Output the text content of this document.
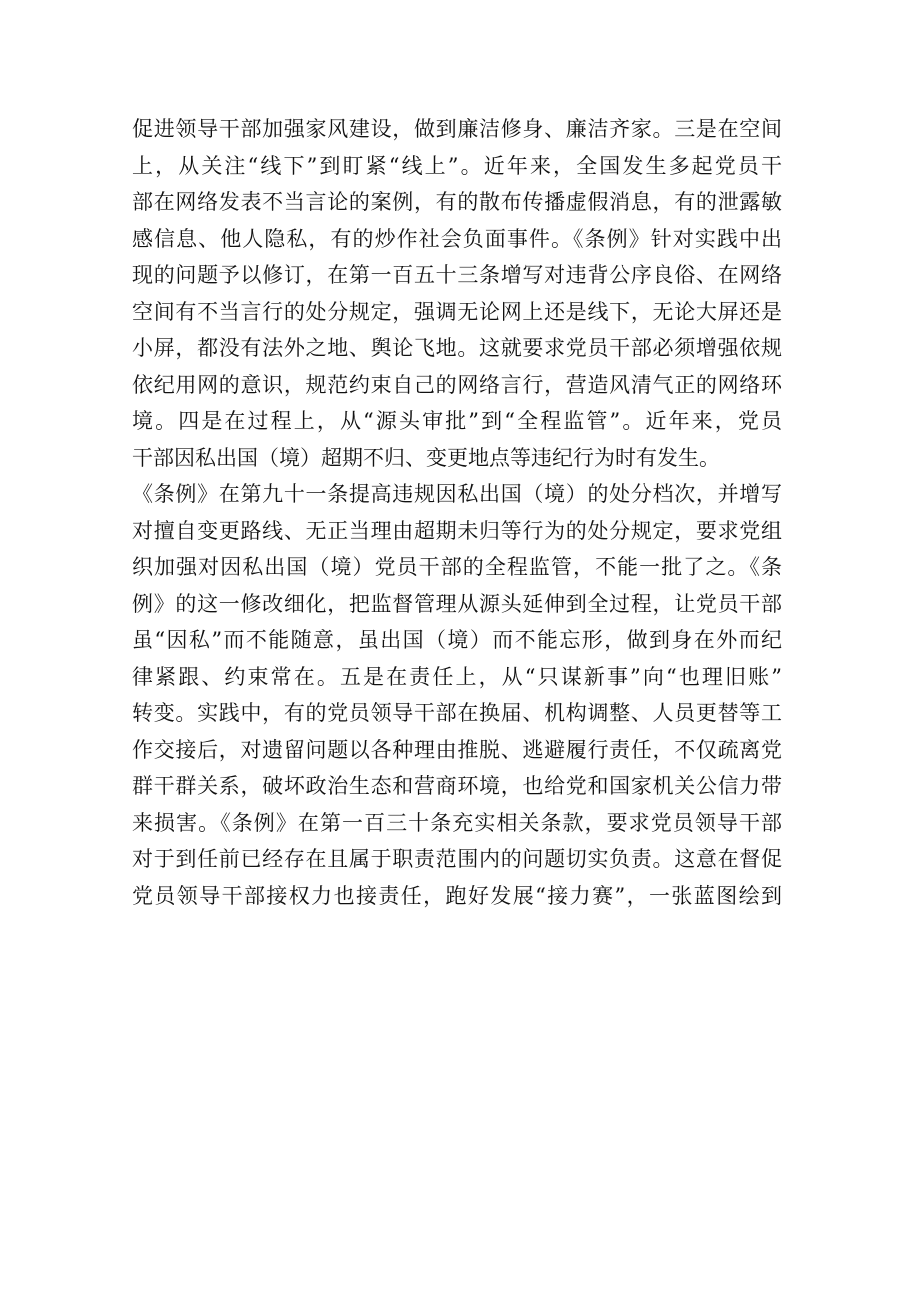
促进领导干部加强家风建设，做到廉洁修身、廉洁齐家。三是在空间
上，从关注“线下”到盯紧“线上”。近年来，全国发生多起党员干
部在网络发表不当言论的案例，有的散布传播虚假消息，有的泄露敏
感信息、他人隐私，有的炒作社会负面事件。《条例》针对实践中出
现的问题予以修订，在第一百五十三条增写对违背公序良俗、在网络
空间有不当言行的处分规定，强调无论网上还是线下，无论大屏还是
小屏，都没有法外之地、舆论飞地。这就要求党员干部必须增强依规
依纪用网的意识，规范约束自己的网络言行，营造风清气正的网络环
境。四是在过程上，从“源头审批”到“全程监管”。近年来，党员
干部因私出国（境）超期不归、变更地点等违纪行为时有发生。
《条例》在第九十一条提高违规因私出国（境）的处分档次，并增写
对擅自变更路线、无正当理由超期未归等行为的处分规定，要求党组
织加强对因私出国（境）党员干部的全程监管，不能一批了之。《条
例》的这一修改细化，把监督管理从源头延伸到全过程，让党员干部
虽“因私”而不能随意，虽出国（境）而不能忘形，做到身在外而纪
律紧跟、约束常在。五是在责任上，从“只谋新事”向“也理旧账”
转变。实践中，有的党员领导干部在换届、机构调整、人员更替等工
作交接后，对遗留问题以各种理由推脱、逃避履行责任，不仅疏离党
群干群关系，破坏政治生态和营商环境，也给党和国家机关公信力带
来损害。《条例》在第一百三十条充实相关条款，要求党员领导干部
对于到任前已经存在且属于职责范围内的问题切实负责。这意在督促
党员领导干部接权力也接责任，跑好发展“接力赛”，一张蓝图绘到
